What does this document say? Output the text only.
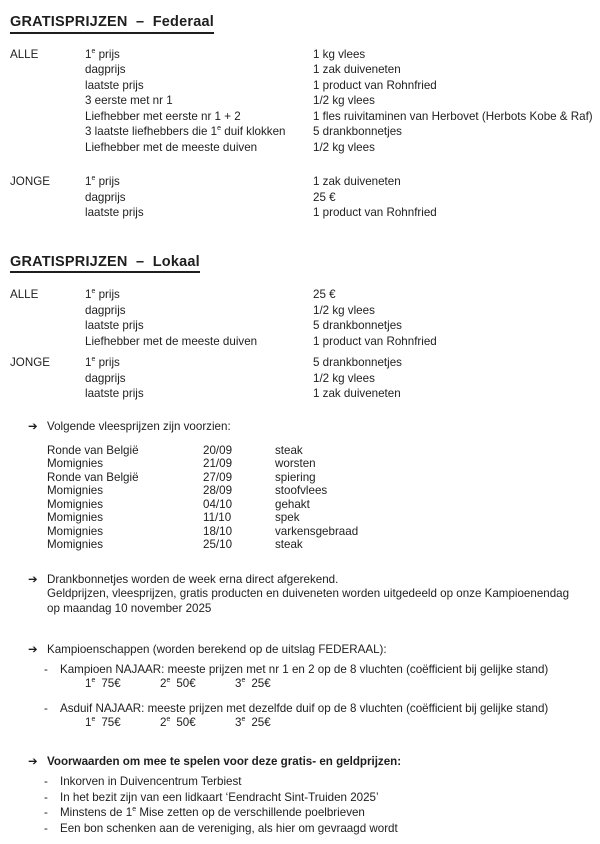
GRATISPRIJZEN  –  Federaal
ALLE	1e prijs	1 kg vlees
dagprijs	1 zak duiveneten
laatste prijs	1 product van Rohnfried
3 eerste met nr 1	1/2 kg vlees
Liefhebber met eerste nr 1 + 2	1 fles ruivitaminen van Herbovet (Herbots Kobe & Raf)
3 laatste liefhebbers die 1e duif klokken	5 drankbonnetjes
Liefhebber met de meeste duiven	1/2 kg vlees
JONGE	1e prijs	1 zak duiveneten
dagprijs	25 €
laatste prijs	1 product van Rohnfried
GRATISPRIJZEN  –  Lokaal
ALLE	1e prijs	25 €
dagprijs	1/2 kg vlees
laatste prijs	5 drankbonnetjes
Liefhebber met de meeste duiven	1 product van Rohnfried
JONGE	1e prijs	5 drankbonnetjes
dagprijs	1/2 kg vlees
laatste prijs	1 zak duiveneten
➔ Volgende vleesprijzen zijn voorzien:
Ronde van België	20/09	steak
Momignies	21/09	worsten
Ronde van België	27/09	spiering
Momignies	28/09	stoofvlees
Momignies	04/10	gehakt
Momignies	11/10	spek
Momignies	18/10	varkensgebraad
Momignies	25/10	steak
➔ Drankbonnetjes worden de week erna direct afgerekend.
Geldprijzen, vleesprijzen, gratis producten en duiveneten worden uitgedeeld op onze Kampioenendag
op maandag 10 november 2025
➔ Kampioenschappen (worden berekend op de uitslag FEDERAAL):
-	Kampioen NAJAAR: meeste prijzen met nr 1 en 2 op de 8 vluchten (coëfficient bij gelijke stand)
1e 75€	2e 50€	3e 25€
-	Asduif NAJAAR: meeste prijzen met dezelfde duif op de 8 vluchten (coëfficient bij gelijke stand)
1e 75€	2e 50€	3e 25€
➔ Voorwaarden om mee te spelen voor deze gratis- en geldprijzen:
-	Inkorven in Duivencentrum Terbiest
-	In het bezit zijn van een lidkaart ‘Eendracht Sint-Truiden 2025’
-	Minstens de 1e Mise zetten op de verschillende poelbrieven
-	Een bon schenken aan de vereniging, als hier om gevraagd wordt
